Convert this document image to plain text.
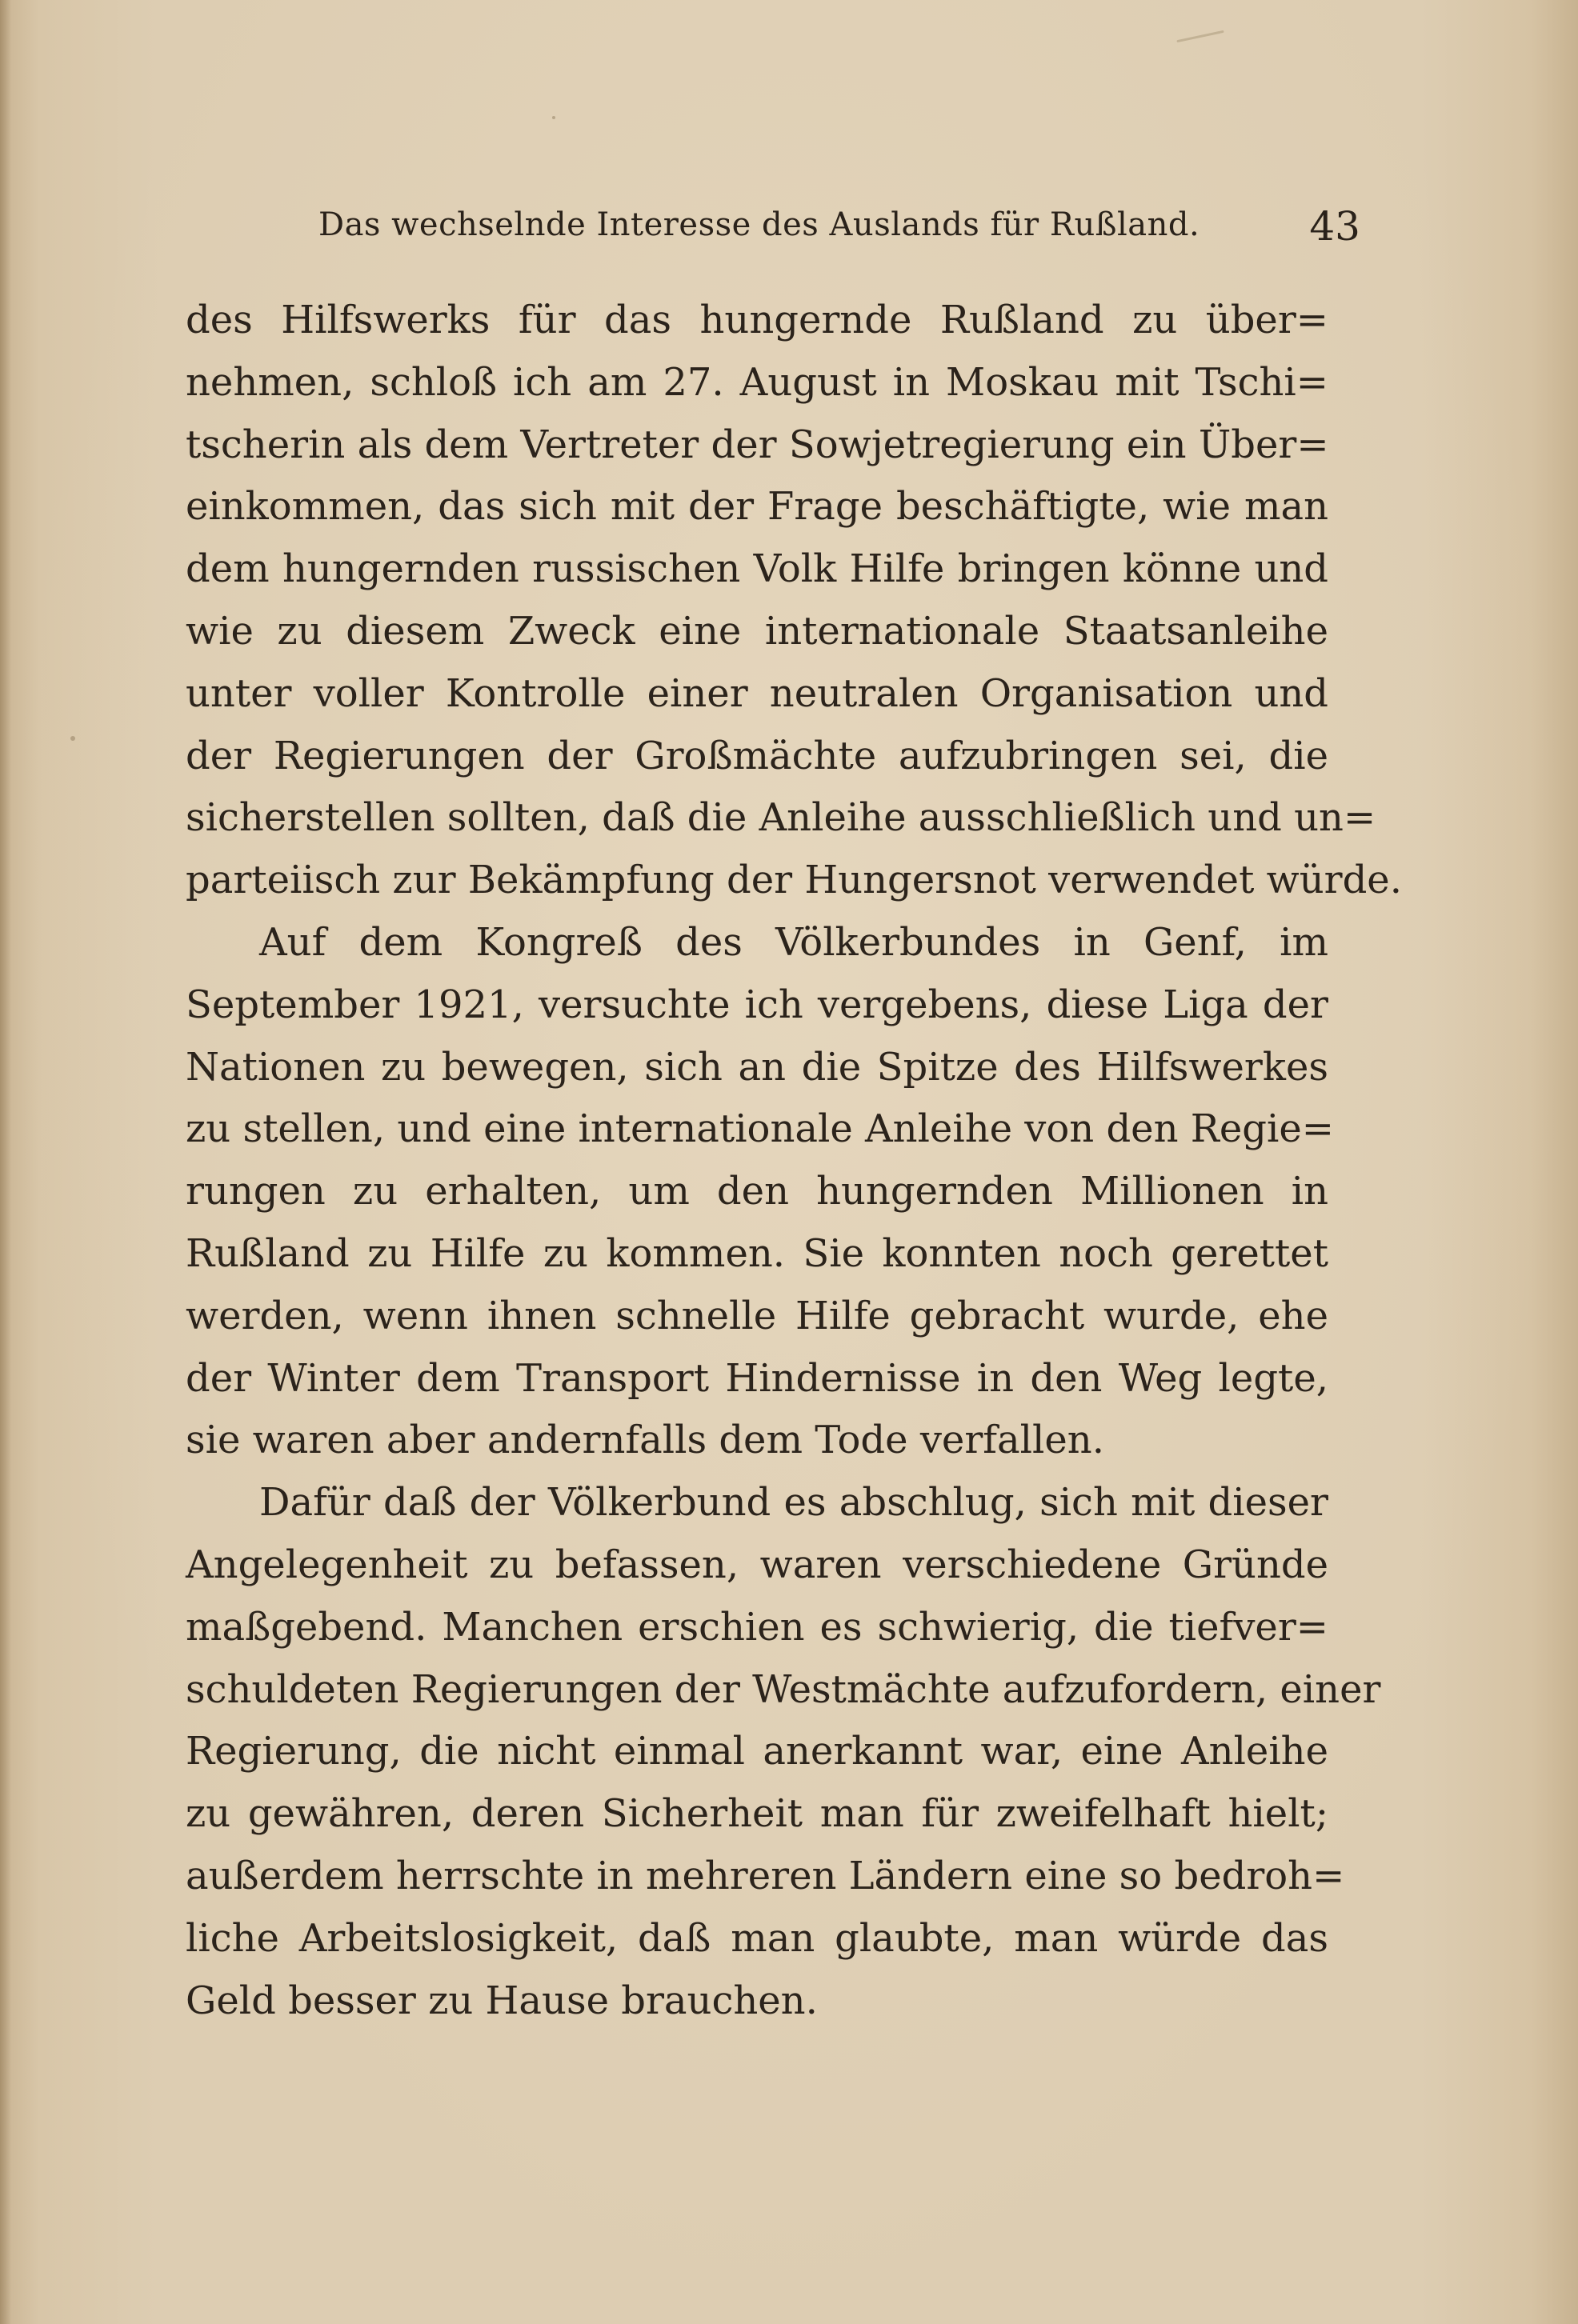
Das wechselnde Interesse des Auslands für Rußland.	43
des Hilfswerks für das hungernde Rußland zu über=
nehmen, schloß ich am 27. August in Moskau mit Tschi=
tscherin als dem Vertreter der Sowjetregierung ein Über=
einkommen, das sich mit der Frage beschäftigte, wie man
dem hungernden russischen Volk Hilfe bringen könne und
wie zu diesem Zweck eine internationale Staatsanleihe
unter voller Kontrolle einer neutralen Organisation und
der Regierungen der Großmächte aufzubringen sei, die
sicherstellen sollten, daß die Anleihe ausschließlich und un=
parteiisch zur Bekämpfung der Hungersnot verwendet würde.
Auf dem Kongreß des Völkerbundes in Genf, im
September 1921, versuchte ich vergebens, diese Liga der
Nationen zu bewegen, sich an die Spitze des Hilfswerkes
zu stellen, und eine internationale Anleihe von den Regie=
rungen zu erhalten, um den hungernden Millionen in
Rußland zu Hilfe zu kommen. Sie konnten noch gerettet
werden, wenn ihnen schnelle Hilfe gebracht wurde, ehe
der Winter dem Transport Hindernisse in den Weg legte,
sie waren aber andernfalls dem Tode verfallen.
Dafür daß der Völkerbund es abschlug, sich mit dieser
Angelegenheit zu befassen, waren verschiedene Gründe
maßgebend. Manchen erschien es schwierig, die tiefver=
schuldeten Regierungen der Westmächte aufzufordern, einer
Regierung, die nicht einmal anerkannt war, eine Anleihe
zu gewähren, deren Sicherheit man für zweifelhaft hielt;
außerdem herrschte in mehreren Ländern eine so bedroh=
liche Arbeitslosigkeit, daß man glaubte, man würde das
Geld besser zu Hause brauchen.
